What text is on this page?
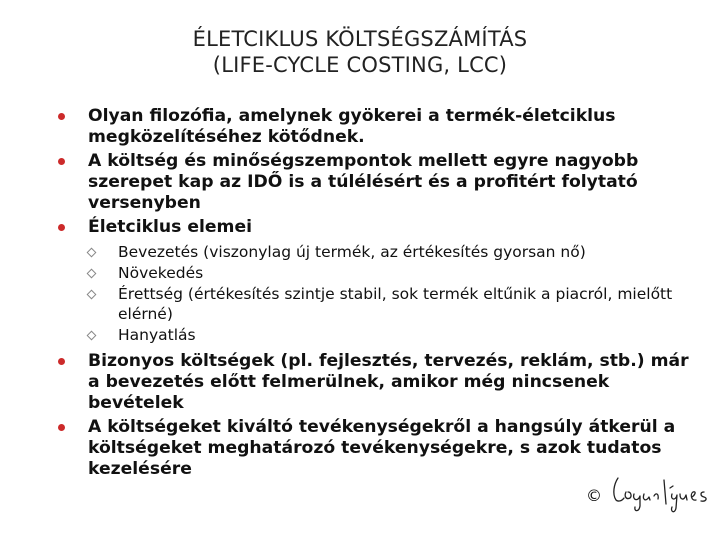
ÉLETCIKLUS KÖLTSÉGSZÁMÍTÁS
(LIFE-CYCLE COSTING, LCC)
Olyan filozófia, amelynek gyökerei a termék-életciklus megközelítéséhez kötődnek.
A költség és minőségszempontok mellett egyre nagyobb szerepet kap az IDŐ is a túlélésért és a profitért folytató versenyben
Életciklus elemei
Bevezetés (viszonylag új termék, az értékesítés gyorsan nő)
Növekedés
Érettség (értékesítés szintje stabil, sok termék eltűnik a piacról, mielőtt elérné)
Hanyatlás
Bizonyos költségek (pl. fejlesztés, tervezés, reklám, stb.) már a bevezetés előtt felmerülnek, amikor még nincsenek bevételek
A költségeket kiváltó tevékenységekről a hangsúly átkerül a költségeket meghatározó tevékenységekre, s azok tudatos kezelésére
©
